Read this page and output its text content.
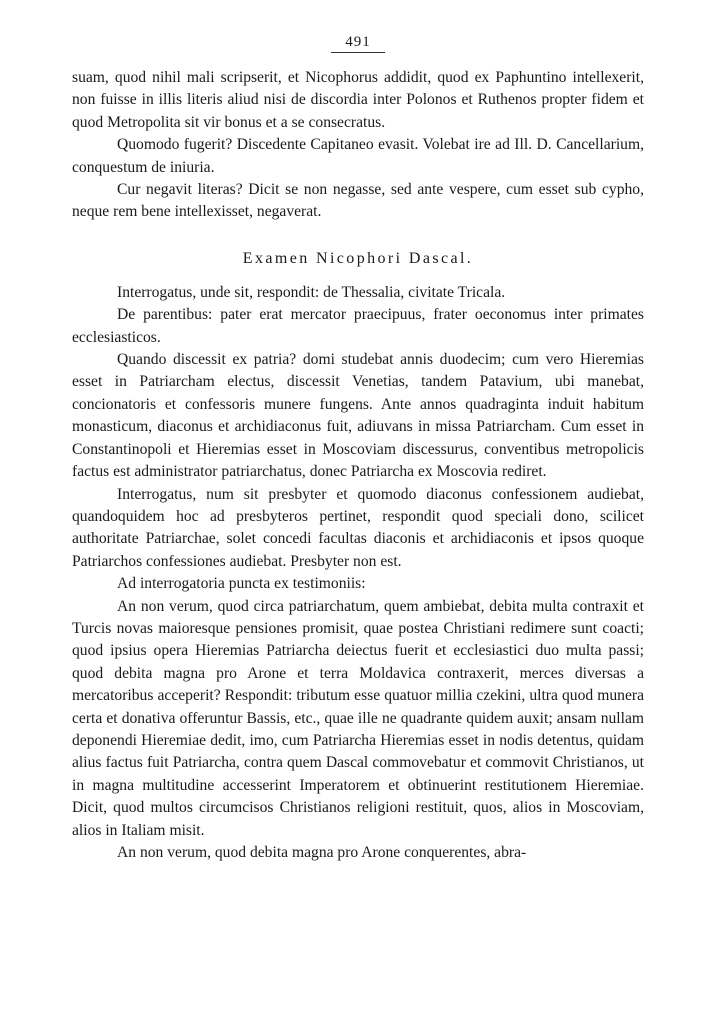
491

suam, quod nihil mali scripserit, et Nicophorus addidit, quod ex Paphuntino intellexerit, non fuisse in illis literis aliud nisi de discordia inter Polonos et Ruthenos propter fidem et quod Metropolita sit vir bonus et a se consecratus.

Quomodo fugerit? Discedente Capitaneo evasit. Volebat ire ad Ill. D. Cancellarium, conquestum de iniuria.

Cur negavit literas? Dicit se non negasse, sed ante vespere, cum esset sub cypho, neque rem bene intellexisset, negaverat.

Examen Nicophori Dascal.

Interrogatus, unde sit, respondit: de Thessalia, civitate Tricala.

De parentibus: pater erat mercator praecipuus, frater oeconomus inter primates ecclesiasticos.

Quando discessit ex patria? domi studebat annis duodecim; cum vero Hieremias esset in Patriarcham electus, discessit Venetias, tandem Patavium, ubi manebat, concionatoris et confessoris munere fungens. Ante annos quadraginta induit habitum monasticum, diaconus et archidiaconus fuit, adiuvans in missa Patriarcham. Cum esset in Constantinopoli et Hieremias esset in Moscoviam discessurus, conventibus metropolicis factus est administrator patriarchatus, donec Patriarcha ex Moscovia rediret.

Interrogatus, num sit presbyter et quomodo diaconus confessionem audiebat, quandoquidem hoc ad presbyteros pertinet, respondit quod speciali dono, scilicet authoritate Patriarchae, solet concedi facultas diaconis et archidiaconis et ipsos quoque Patriarchos confessiones audiebat. Presbyter non est.

Ad interrogatoria puncta ex testimoniis:

An non verum, quod circa patriarchatum, quem ambiebat, debita multa contraxit et Turcis novas maioresque pensiones promisit, quae postea Christiani redimere sunt coacti; quod ipsius opera Hieremias Patriarcha deiectus fuerit et ecclesiastici duo multa passi; quod debita magna pro Arone et terra Moldavica contraxerit, merces diversas a mercatoribus acceperit? Respondit: tributum esse quatuor millia czekini, ultra quod munera certa et donativa offeruntur Bassis, etc., quae ille ne quadrante quidem auxit; ansam nullam deponendi Hieremiae dedit, imo, cum Patriarcha Hieremias esset in nodis detentus, quidam alius factus fuit Patriarcha, contra quem Dascal commovebatur et commovit Christianos, ut in magna multitudine accesserint Imperatorem et obtinuerint restitutionem Hieremiae. Dicit, quod multos circumcisos Christianos religioni restituit, quos, alios in Moscoviam, alios in Italiam misit.

An non verum, quod debita magna pro Arone conquerentes, abra-
